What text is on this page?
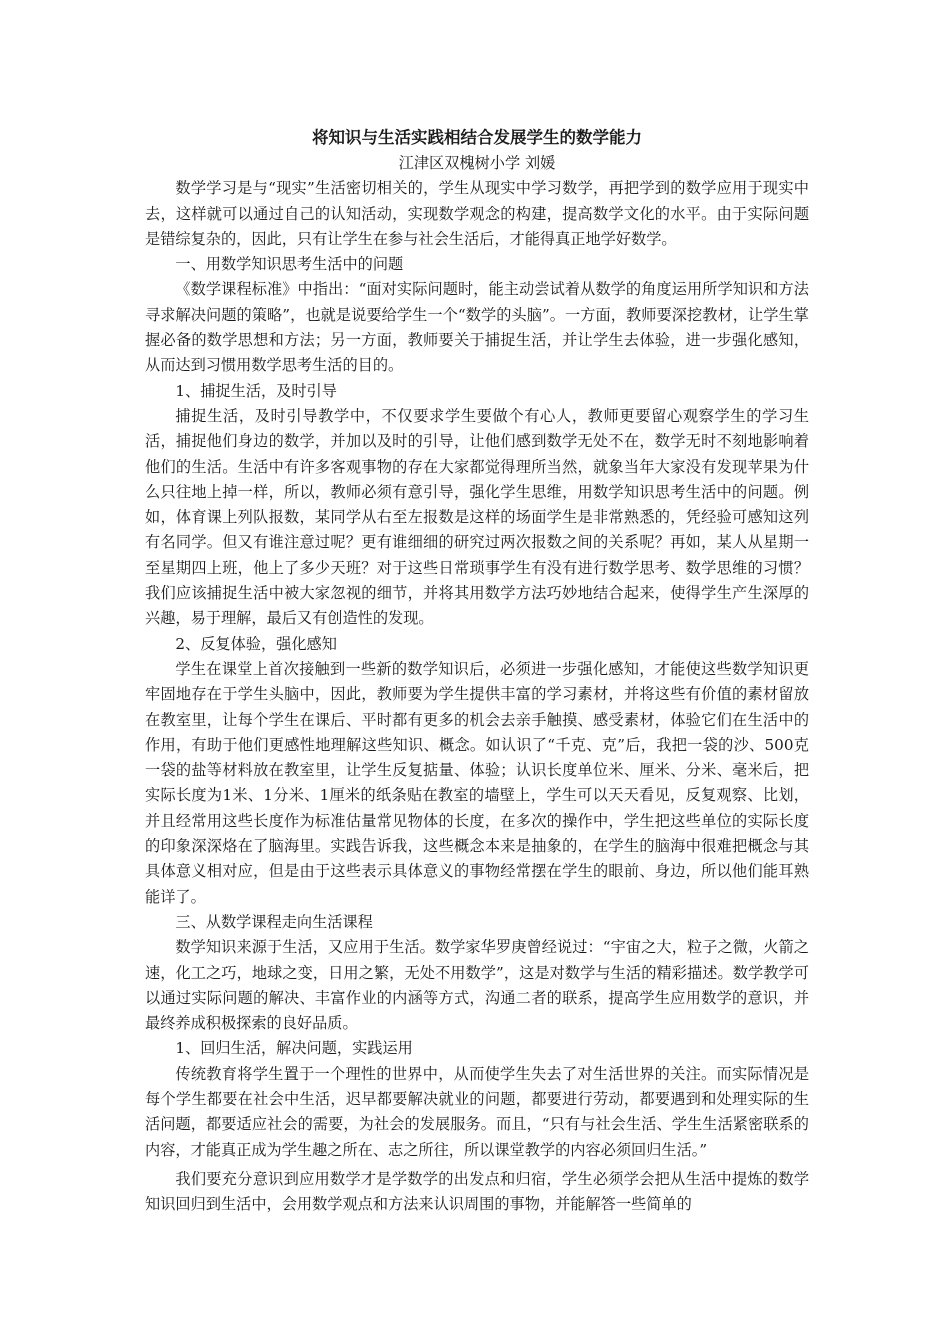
将知识与生活实践相结合发展学生的数学能力
江津区双槐树小学 刘媛
数学学习是与“现实”生活密切相关的，学生从现实中学习数学，再把学到的数学应用于现实中去，这样就可以通过自己的认知活动，实现数学观念的构建，提高数学文化的水平。由于实际问题是错综复杂的，因此，只有让学生在参与社会生活后，才能得真正地学好数学。
一、用数学知识思考生活中的问题
《数学课程标准》中指出：“面对实际问题时，能主动尝试着从数学的角度运用所学知识和方法寻求解决问题的策略”，也就是说要给学生一个“数学的头脑”。一方面，教师要深挖教材，让学生掌握必备的数学思想和方法；另一方面，教师要关于捕捉生活，并让学生去体验，进一步强化感知，从而达到习惯用数学思考生活的目的。
1、捕捉生活，及时引导
捕捉生活，及时引导教学中，不仅要求学生要做个有心人，教师更要留心观察学生的学习生活，捕捉他们身边的数学，并加以及时的引导，让他们感到数学无处不在，数学无时不刻地影响着他们的生活。生活中有许多客观事物的存在大家都觉得理所当然，就象当年大家没有发现苹果为什么只往地上掉一样，所以，教师必须有意引导，强化学生思维，用数学知识思考生活中的问题。例如，体育课上列队报数，某同学从右至左报数是这样的场面学生是非常熟悉的，凭经验可感知这列有名同学。但又有谁注意过呢？更有谁细细的研究过两次报数之间的关系呢？再如，某人从星期一至星期四上班，他上了多少天班？对于这些日常琐事学生有没有进行数学思考、数学思维的习惯？我们应该捕捉生活中被大家忽视的细节，并将其用数学方法巧妙地结合起来，使得学生产生深厚的兴趣，易于理解，最后又有创造性的发现。
2、反复体验，强化感知
学生在课堂上首次接触到一些新的数学知识后，必须进一步强化感知，才能使这些数学知识更牢固地存在于学生头脑中，因此，教师要为学生提供丰富的学习素材，并将这些有价值的素材留放在教室里，让每个学生在课后、平时都有更多的机会去亲手触摸、感受素材，体验它们在生活中的作用，有助于他们更感性地理解这些知识、概念。如认识了“千克、克”后，我把一袋的沙、500克一袋的盐等材料放在教室里，让学生反复掂量、体验；认识长度单位米、厘米、分米、毫米后，把实际长度为1米、1分米、1厘米的纸条贴在教室的墙壁上，学生可以天天看见，反复观察、比划，并且经常用这些长度作为标准估量常见物体的长度，在多次的操作中，学生把这些单位的实际长度的印象深深烙在了脑海里。实践告诉我，这些概念本来是抽象的，在学生的脑海中很难把概念与其具体意义相对应，但是由于这些表示具体意义的事物经常摆在学生的眼前、身边，所以他们能耳熟能详了。
三、从数学课程走向生活课程
数学知识来源于生活，又应用于生活。数学家华罗庚曾经说过：“宇宙之大，粒子之微，火箭之速，化工之巧，地球之变，日用之繁，无处不用数学”，这是对数学与生活的精彩描述。数学教学可以通过实际问题的解决、丰富作业的内涵等方式，沟通二者的联系，提高学生应用数学的意识，并最终养成积极探索的良好品质。
1、回归生活，解决问题，实践运用
传统教育将学生置于一个理性的世界中，从而使学生失去了对生活世界的关注。而实际情况是每个学生都要在社会中生活，迟早都要解决就业的问题，都要进行劳动，都要遇到和处理实际的生活问题，都要适应社会的需要，为社会的发展服务。而且，“只有与社会生活、学生生活紧密联系的内容，才能真正成为学生趣之所在、志之所往，所以课堂教学的内容必须回归生活。”
我们要充分意识到应用数学才是学数学的出发点和归宿，学生必须学会把从生活中提炼的数学知识回归到生活中，会用数学观点和方法来认识周围的事物，并能解答一些简单的
